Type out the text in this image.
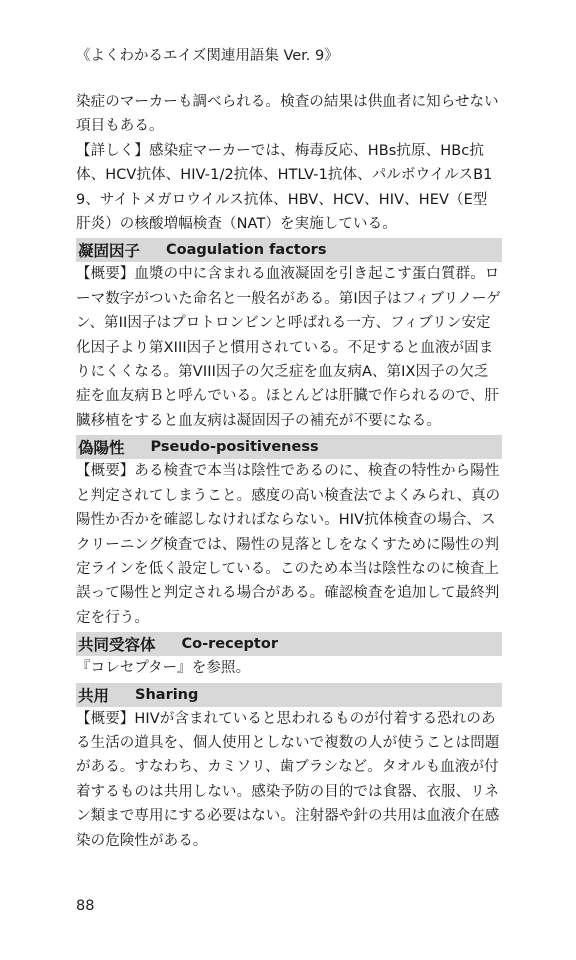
《よくわかるエイズ関連用語集 Ver. 9》
染症のマーカーも調べられる。検査の結果は供血者に知らせない項目もある。
【詳しく】感染症マーカーでは、梅毒反応、HBs抗原、HBc抗体、HCV抗体、HIV-1/2抗体、HTLV-1抗体、パルボウイルスB19、サイトメガロウイルス抗体、HBV、HCV、HIV、HEV（E型肝炎）の核酸増幅検査（NAT）を実施している。
凝固因子 Coagulation factors
【概要】血漿の中に含まれる血液凝固を引き起こす蛋白質群。ローマ数字がついた命名と一般名がある。第I因子はフィブリノーゲン、第II因子はプロトロンビンと呼ばれる一方、フィブリン安定化因子より第XIII因子と慣用されている。不足すると血液が固まりにくくなる。第VIII因子の欠乏症を血友病A、第IX因子の欠乏症を血友病Ｂと呼んでいる。ほとんどは肝臓で作られるので、肝臓移植をすると血友病は凝固因子の補充が不要になる。
偽陽性 Pseudo-positiveness
【概要】ある検査で本当は陰性であるのに、検査の特性から陽性と判定されてしまうこと。感度の高い検査法でよくみられ、真の陽性か否かを確認しなければならない。HIV抗体検査の場合、スクリーニング検査では、陽性の見落としをなくすために陽性の判定ラインを低く設定している。このため本当は陰性なのに検査上誤って陽性と判定される場合がある。確認検査を追加して最終判定を行う。
共同受容体 Co-receptor
『コレセプター』を参照。
共用 Sharing
【概要】HIVが含まれていると思われるものが付着する恐れのある生活の道具を、個人使用としないで複数の人が使うことは問題がある。すなわち、カミソリ、歯ブラシなど。タオルも血液が付着するものは共用しない。感染予防の目的では食器、衣服、リネン類まで専用にする必要はない。注射器や針の共用は血液介在感染の危険性がある。
88
